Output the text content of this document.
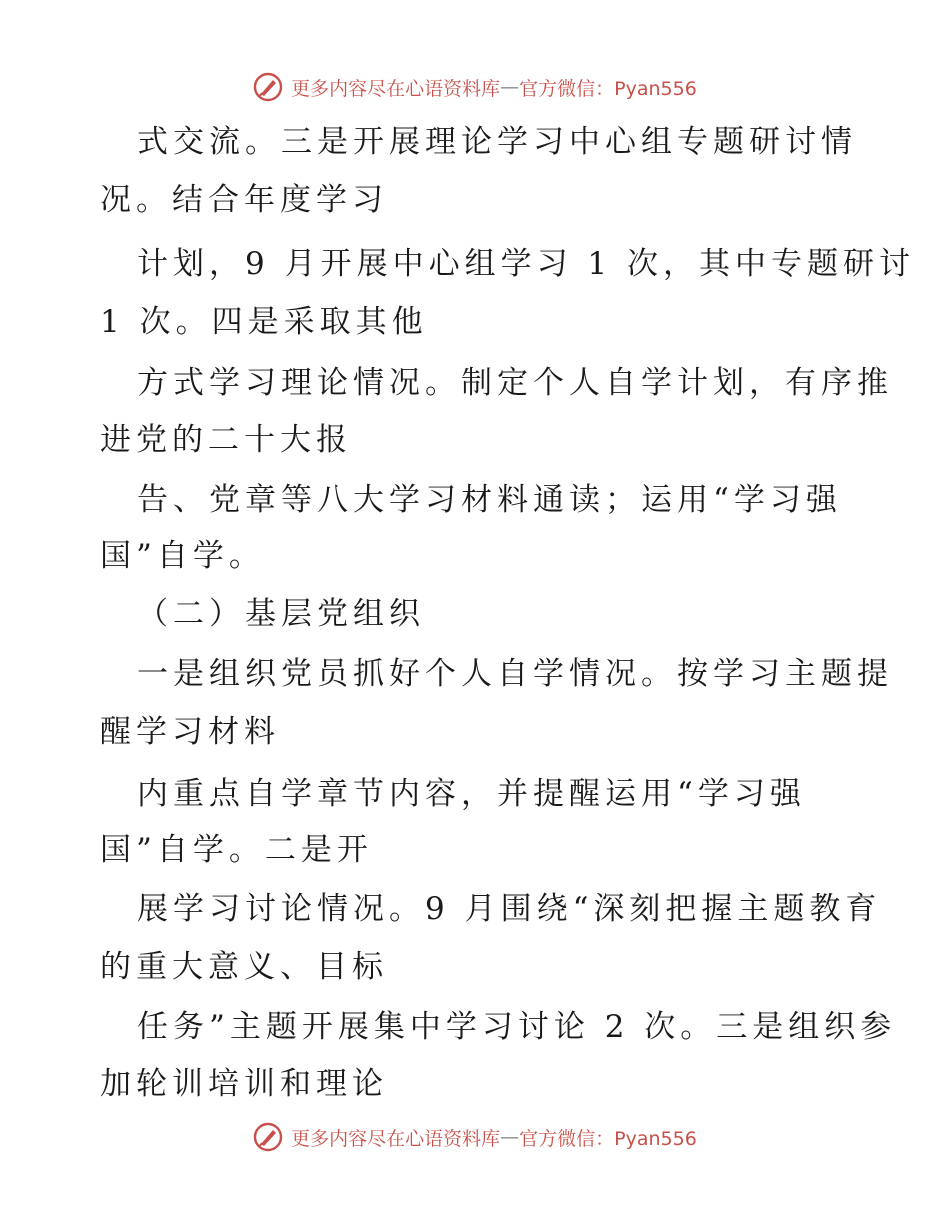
更多内容尽在心语资料库 — 官方微信：Pyan556
式交流。三是开展理论学习中心组专题研讨情
况。结合年度学习
计划，9 月开展中心组学习 1 次，其中专题研讨
1 次。四是采取其他
方式学习理论情况。制定个人自学计划，有序推
进党的二十大报
告、党章等八大学习材料通读；运用“学习强
国”自学。
（二）基层党组织
一是组织党员抓好个人自学情况。按学习主题提
醒学习材料
内重点自学章节内容，并提醒运用“学习强
国”自学。二是开
展学习讨论情况。9 月围绕“深刻把握主题教育
的重大意义、目标
任务”主题开展集中学习讨论 2 次。三是组织参
加轮训培训和理论
更多内容尽在心语资料库 — 官方微信：Pyan556
